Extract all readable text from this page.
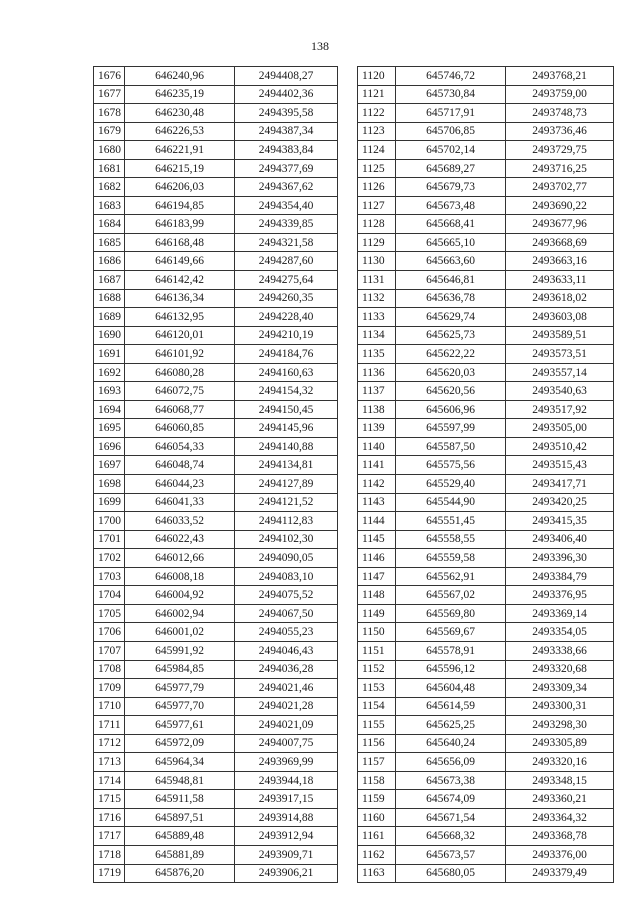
138
1676	646240,96	2494408,27
1677	646235,19	2494402,36
1678	646230,48	2494395,58
1679	646226,53	2494387,34
1680	646221,91	2494383,84
1681	646215,19	2494377,69
1682	646206,03	2494367,62
1683	646194,85	2494354,40
1684	646183,99	2494339,85
1685	646168,48	2494321,58
1686	646149,66	2494287,60
1687	646142,42	2494275,64
1688	646136,34	2494260,35
1689	646132,95	2494228,40
1690	646120,01	2494210,19
1691	646101,92	2494184,76
1692	646080,28	2494160,63
1693	646072,75	2494154,32
1694	646068,77	2494150,45
1695	646060,85	2494145,96
1696	646054,33	2494140,88
1697	646048,74	2494134,81
1698	646044,23	2494127,89
1699	646041,33	2494121,52
1700	646033,52	2494112,83
1701	646022,43	2494102,30
1702	646012,66	2494090,05
1703	646008,18	2494083,10
1704	646004,92	2494075,52
1705	646002,94	2494067,50
1706	646001,02	2494055,23
1707	645991,92	2494046,43
1708	645984,85	2494036,28
1709	645977,79	2494021,46
1710	645977,70	2494021,28
1711	645977,61	2494021,09
1712	645972,09	2494007,75
1713	645964,34	2493969,99
1714	645948,81	2493944,18
1715	645911,58	2493917,15
1716	645897,51	2493914,88
1717	645889,48	2493912,94
1718	645881,89	2493909,71
1719	645876,20	2493906,21
1120	645746,72	2493768,21
1121	645730,84	2493759,00
1122	645717,91	2493748,73
1123	645706,85	2493736,46
1124	645702,14	2493729,75
1125	645689,27	2493716,25
1126	645679,73	2493702,77
1127	645673,48	2493690,22
1128	645668,41	2493677,96
1129	645665,10	2493668,69
1130	645663,60	2493663,16
1131	645646,81	2493633,11
1132	645636,78	2493618,02
1133	645629,74	2493603,08
1134	645625,73	2493589,51
1135	645622,22	2493573,51
1136	645620,03	2493557,14
1137	645620,56	2493540,63
1138	645606,96	2493517,92
1139	645597,99	2493505,00
1140	645587,50	2493510,42
1141	645575,56	2493515,43
1142	645529,40	2493417,71
1143	645544,90	2493420,25
1144	645551,45	2493415,35
1145	645558,55	2493406,40
1146	645559,58	2493396,30
1147	645562,91	2493384,79
1148	645567,02	2493376,95
1149	645569,80	2493369,14
1150	645569,67	2493354,05
1151	645578,91	2493338,66
1152	645596,12	2493320,68
1153	645604,48	2493309,34
1154	645614,59	2493300,31
1155	645625,25	2493298,30
1156	645640,24	2493305,89
1157	645656,09	2493320,16
1158	645673,38	2493348,15
1159	645674,09	2493360,21
1160	645671,54	2493364,32
1161	645668,32	2493368,78
1162	645673,57	2493376,00
1163	645680,05	2493379,49
